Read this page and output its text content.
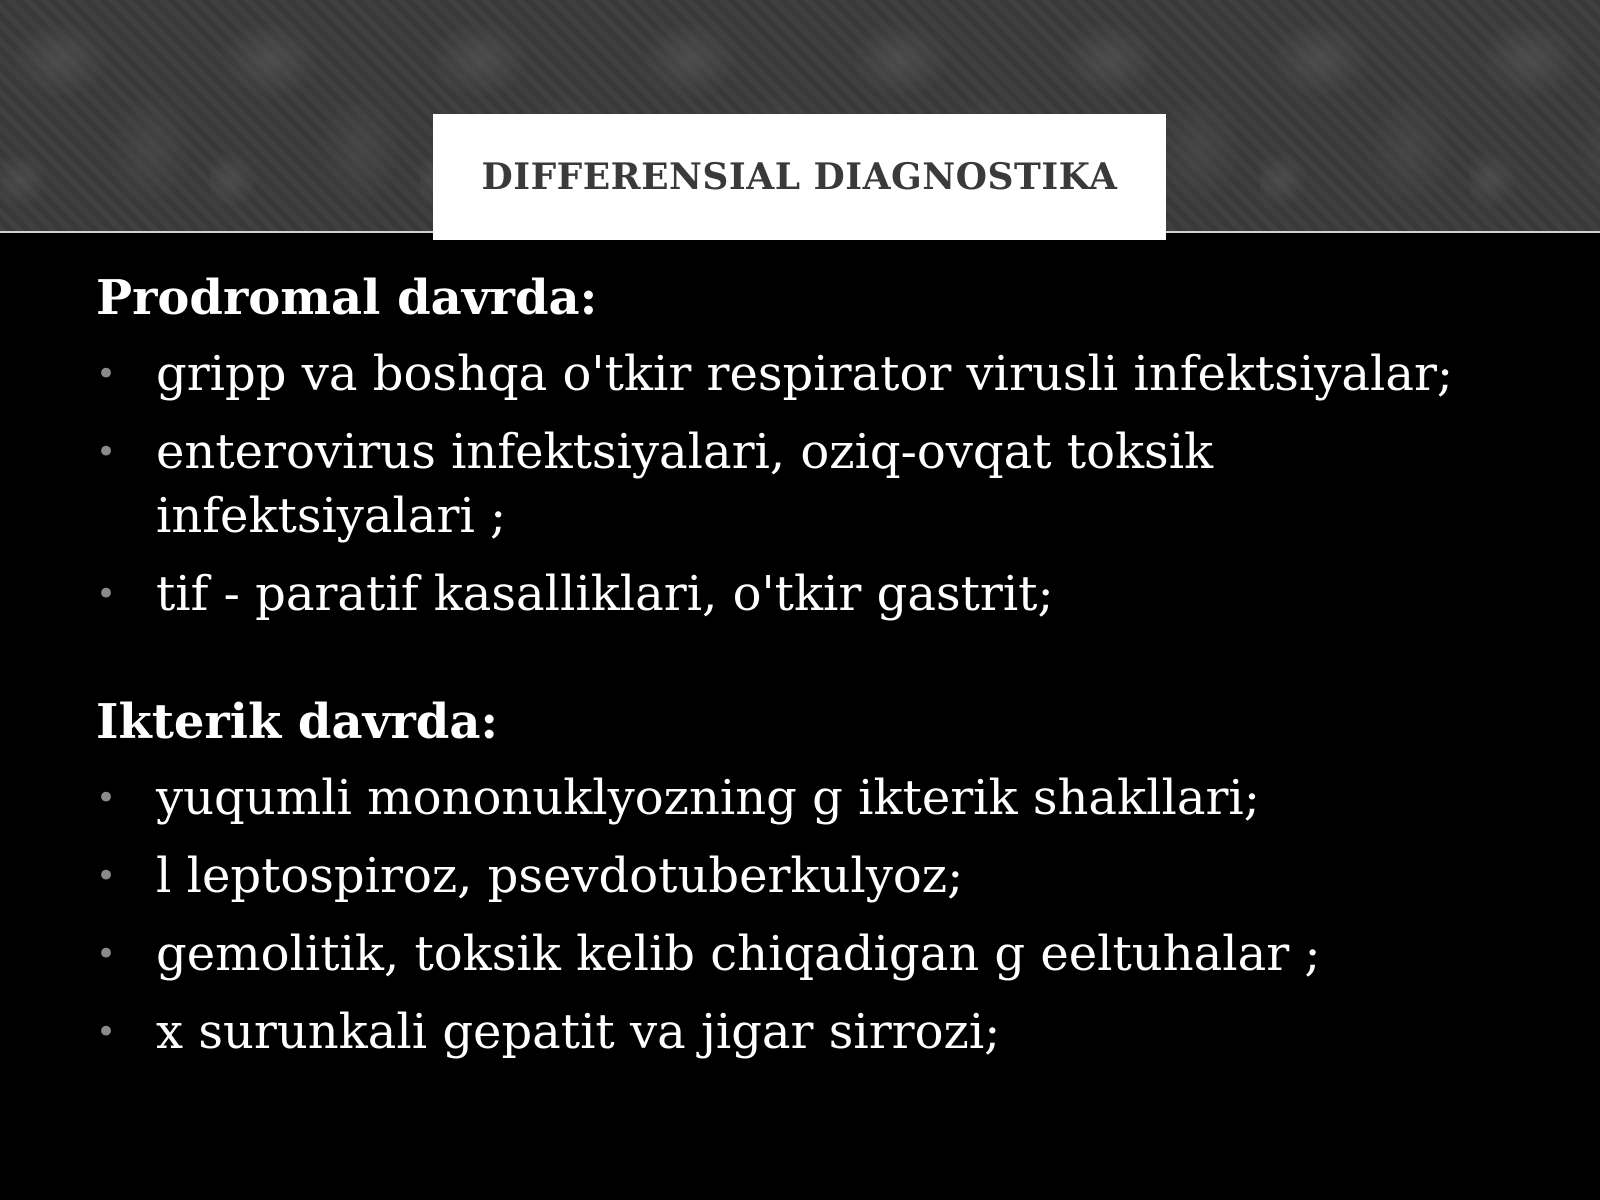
DIFFERENSIAL DIAGNOSTIKA
Prodromal davrda:
• gripp va boshqa o'tkir respirator virusli infektsiyalar;
• enterovirus infektsiyalari, oziq-ovqat toksik infektsiyalari ;
• tif - paratif kasalliklari, o'tkir gastrit;
Ikterik davrda:
• yuqumli mononuklyozning g ikterik shakllari;
• l leptospiroz, psevdotuberkulyoz;
• gemolitik, toksik kelib chiqadigan g eeltuhalar ;
• x surunkali gepatit va jigar sirrozi;
